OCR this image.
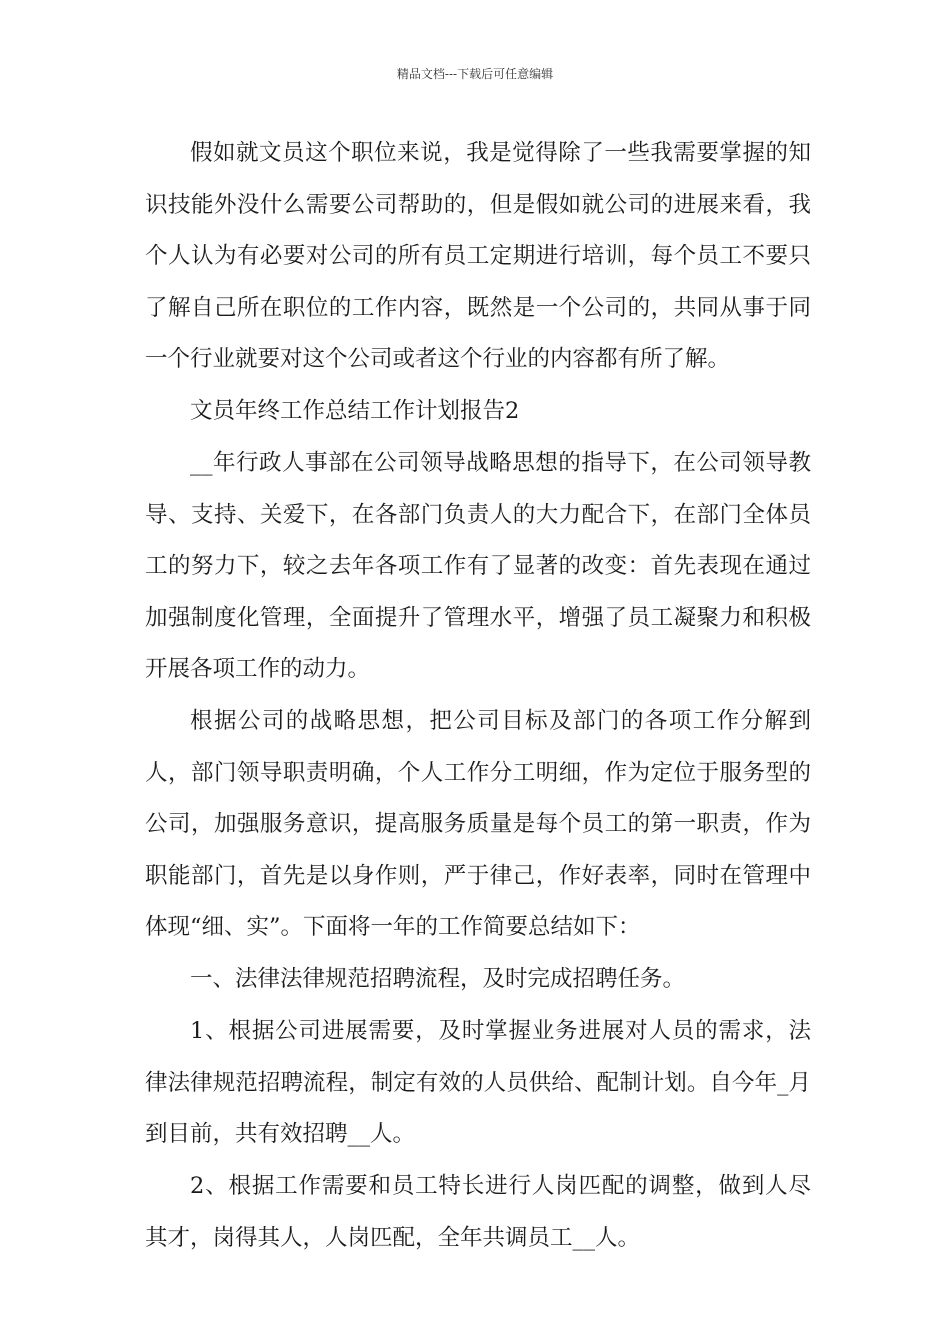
精品文档---下载后可任意编辑

假如就文员这个职位来说，我是觉得除了一些我需要掌握的知识技能外没什么需要公司帮助的，但是假如就公司的进展来看，我个人认为有必要对公司的所有员工定期进行培训，每个员工不要只了解自己所在职位的工作内容，既然是一个公司的，共同从事于同一个行业就要对这个公司或者这个行业的内容都有所了解。

文员年终工作总结工作计划报告2

__年行政人事部在公司领导战略思想的指导下，在公司领导教导、支持、关爱下，在各部门负责人的大力配合下，在部门全体员工的努力下，较之去年各项工作有了显著的改变：首先表现在通过加强制度化管理，全面提升了管理水平，增强了员工凝聚力和积极开展各项工作的动力。

根据公司的战略思想，把公司目标及部门的各项工作分解到人，部门领导职责明确，个人工作分工明细，作为定位于服务型的公司，加强服务意识，提高服务质量是每个员工的第一职责，作为职能部门，首先是以身作则，严于律己，作好表率，同时在管理中体现“细、实”。下面将一年的工作简要总结如下：

一、法律法律规范招聘流程，及时完成招聘任务。

1、根据公司进展需要，及时掌握业务进展对人员的需求，法律法律规范招聘流程，制定有效的人员供给、配制计划。自今年_月到目前，共有效招聘__人。

2、根据工作需要和员工特长进行人岗匹配的调整，做到人尽其才，岗得其人，人岗匹配，全年共调员工__人。
